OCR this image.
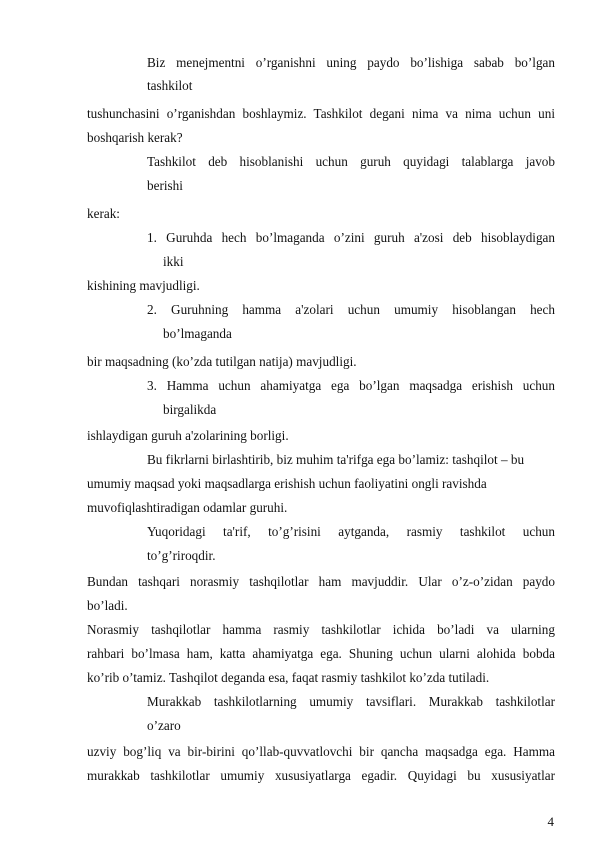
Biz menejmentni o’rganishni uning paydo bo’lishiga sabab bo’lgan
tashkilot
tushunchasini o’rganishdan boshlaymiz. Tashkilot degani nima va nima uchun uni
boshqarish kerak?
Tashkilot deb hisoblanishi uchun guruh quyidagi talablarga javob
berishi
kerak:
1. Guruhda hech bo’lmaganda o’zini guruh a'zosi deb hisoblaydigan
ikki
kishining mavjudligi.
2. Guruhning hamma a'zolari uchun umumiy hisoblangan hech
bo’lmaganda
bir maqsadning (ko’zda tutilgan natija) mavjudligi.
3. Hamma uchun ahamiyatga ega bo’lgan maqsadga erishish uchun
birgalikda
ishlaydigan guruh a'zolarining borligi.
Bu fikrlarni birlashtirib, biz muhim ta'rifga ega bo’lamiz: tashqilot – bu
umumiy maqsad yoki maqsadlarga erishish uchun faoliyatini ongli ravishda
muvofiqlashtiradigan odamlar guruhi.
Yuqoridagi ta'rif, to’g’risini aytganda, rasmiy tashkilot uchun
to’g’riroqdir.
Bundan tashqari norasmiy tashqilotlar ham mavjuddir. Ular o’z-o’zidan paydo
bo’ladi.
Norasmiy tashqilotlar hamma rasmiy tashkilotlar ichida bo’ladi va ularning
rahbari bo’lmasa ham, katta ahamiyatga ega. Shuning uchun ularni alohida bobda
ko’rib o’tamiz. Tashqilot deganda esa, faqat rasmiy tashkilot ko’zda tutiladi.
Murakkab tashkilotlarning umumiy tavsiflari. Murakkab tashkilotlar
o’zaro
uzviy bog’liq va bir-birini qo’llab-quvvatlovchi bir qancha maqsadga ega. Hamma
murakkab tashkilotlar umumiy xususiyatlarga egadir. Quyidagi bu xususiyatlar
4
